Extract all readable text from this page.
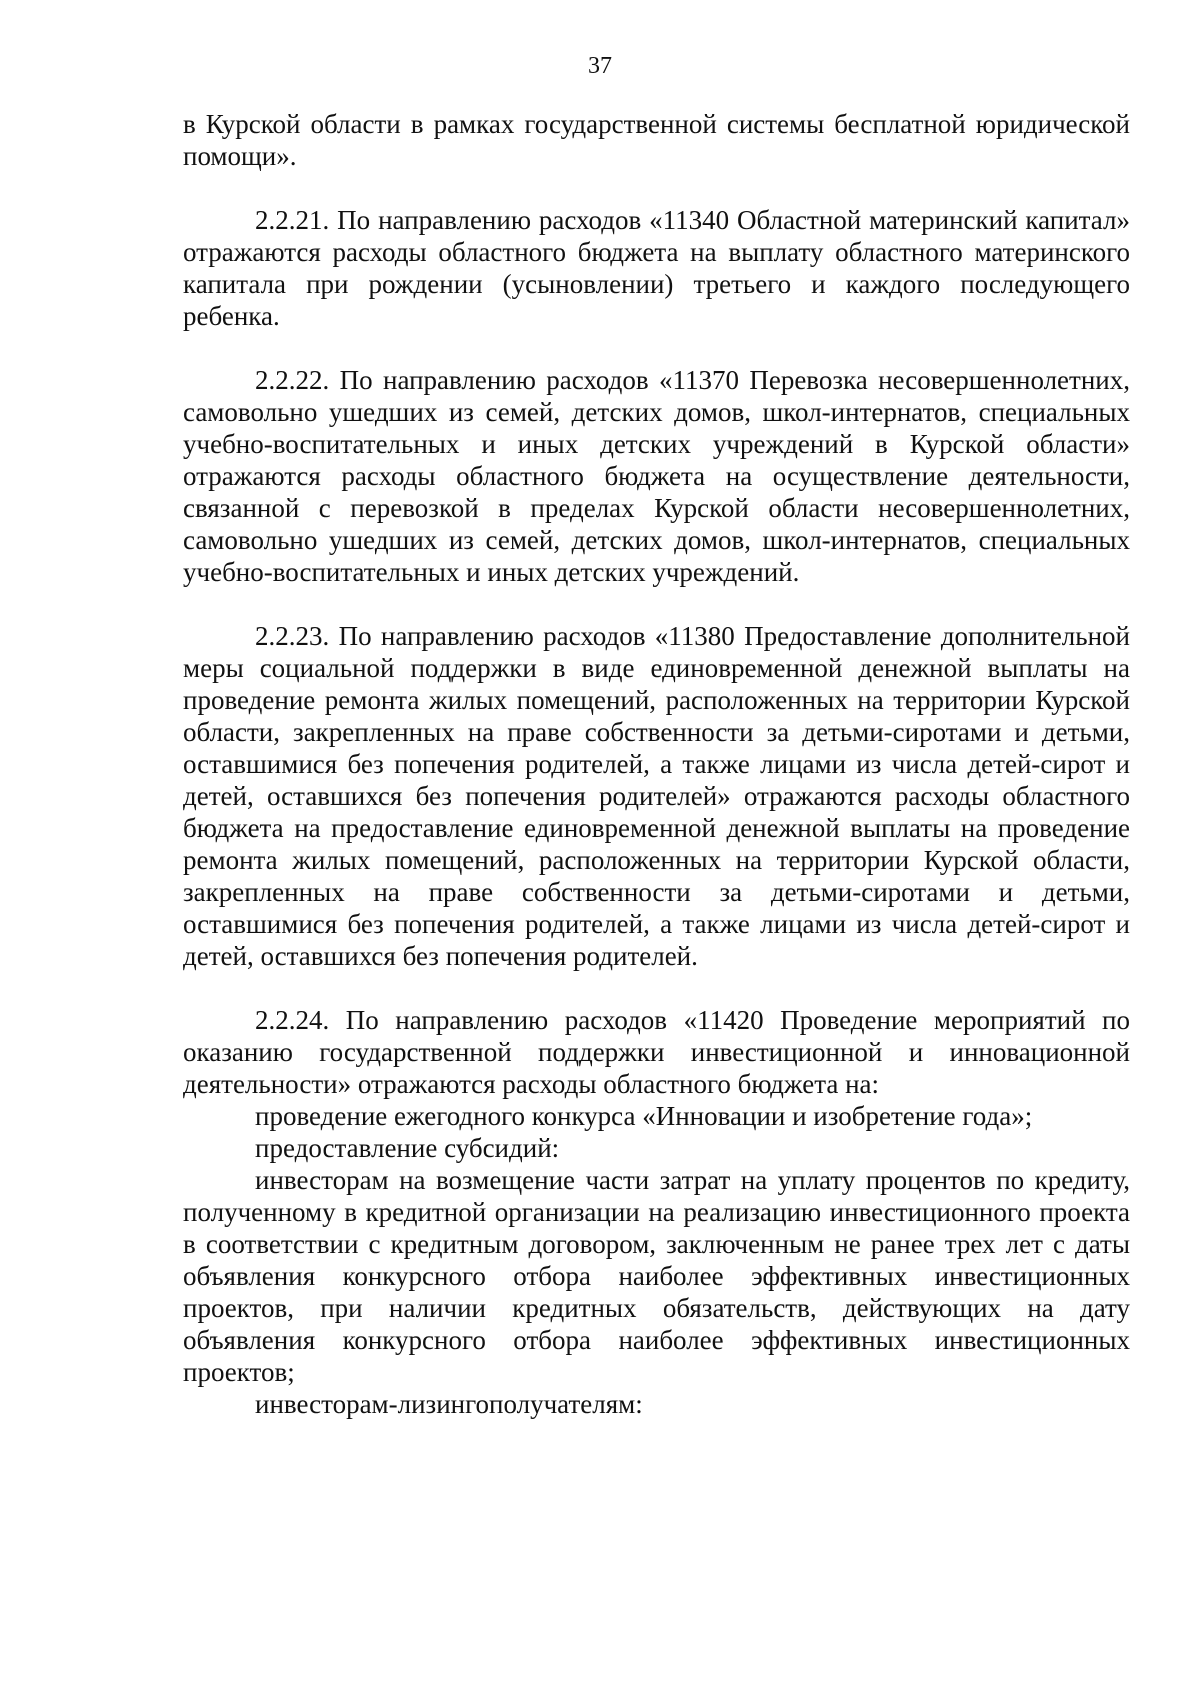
37

в Курской области в рамках государственной системы бесплатной юридической помощи».

2.2.21. По направлению расходов «11340 Областной материнский капитал» отражаются расходы областного бюджета на выплату областного материнского капитала при рождении (усыновлении) третьего и каждого последующего ребенка.

2.2.22. По направлению расходов «11370 Перевозка несовершеннолетних, самовольно ушедших из семей, детских домов, школ-интернатов, специальных учебно-воспитательных и иных детских учреждений в Курской области» отражаются расходы областного бюджета на осуществление деятельности, связанной с перевозкой в пределах Курской области несовершеннолетних, самовольно ушедших из семей, детских домов, школ-интернатов, специальных учебно-воспитательных и иных детских учреждений.

2.2.23. По направлению расходов «11380 Предоставление дополнительной меры социальной поддержки в виде единовременной денежной выплаты на проведение ремонта жилых помещений, расположенных на территории Курской области, закрепленных на праве собственности за детьми-сиротами и детьми, оставшимися без попечения родителей, а также лицами из числа детей-сирот и детей, оставшихся без попечения родителей» отражаются расходы областного бюджета на предоставление единовременной денежной выплаты на проведение ремонта жилых помещений, расположенных на территории Курской области, закрепленных на праве собственности за детьми-сиротами и детьми, оставшимися без попечения родителей, а также лицами из числа детей-сирот и детей, оставшихся без попечения родителей.

2.2.24. По направлению расходов «11420 Проведение мероприятий по оказанию государственной поддержки инвестиционной и инновационной деятельности» отражаются расходы областного бюджета на:

проведение ежегодного конкурса «Инновации и изобретение года»;

предоставление субсидий:

инвесторам на возмещение части затрат на уплату процентов по кредиту, полученному в кредитной организации на реализацию инвестиционного проекта в соответствии с кредитным договором, заключенным не ранее трех лет с даты объявления конкурсного отбора наиболее эффективных инвестиционных проектов, при наличии кредитных обязательств, действующих на дату объявления конкурсного отбора наиболее эффективных инвестиционных проектов;

инвесторам-лизингополучателям:
